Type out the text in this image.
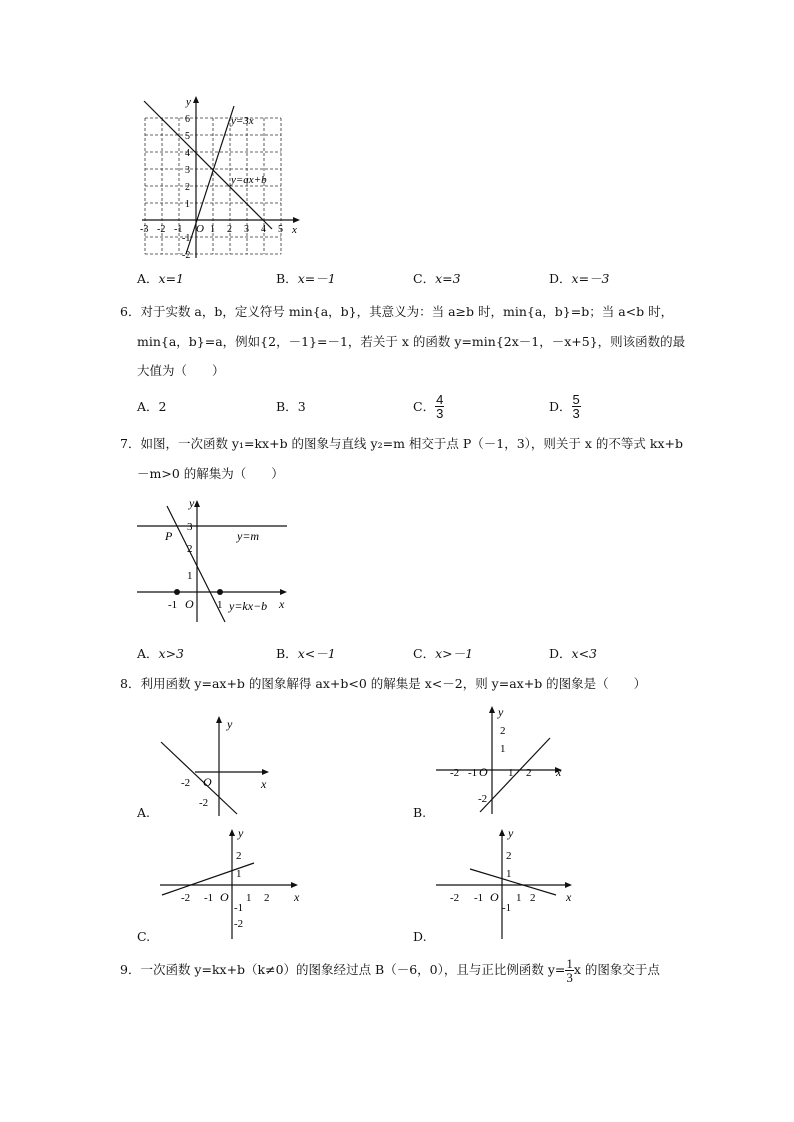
y=3x
y=ax+b
y
x
O
-3 -2 -1	1 2 3 4 5
6
5
4
3
2
1
-1
-2
A．x=1	B．x=－1	C．x=3	D．x=－3
6．对于实数 a，b，定义符号 min{a，b}，其意义为：当 a≥b 时，min{a，b}=b；当 a<b 时，
min{a，b}=a，例如{2，－1}=－1，若关于 x 的函数 y=min{2x－1，－x+5}，则该函数的最
大值为（　　）
A．2	B．3	C． $\frac{4}{3}$	D． $\frac{5}{3}$
7．如图，一次函数 y₁=kx+b 的图象与直线 y₂=m 相交于点 P（－1，3），则关于 x 的不等式 kx+b
－m>0 的解集为（　　）
y
x
P	y=m
y=kx−b
O
3
2
1
-1	1
A．x>3	B．x<－1	C．x>－1	D．x<3
8．利用函数 y=ax+b 的图象解得 ax+b<0 的解集是 x<－2，则 y=ax+b 的图象是（　　）
y
x
O
-2
-2
A.
y
x
O
2
1
-2 -1	1 2
-2
B.
y
x
O
2
1
-2 -1	1 2
-1
-2
C.
y
x
O
2
1
-2 -1	1 2
-1
D.
9．一次函数 y=kx+b（k≠0）的图象经过点 B（－6，0），且与正比例函数 $y= \frac{1}{3}$ x 的图象交于点
